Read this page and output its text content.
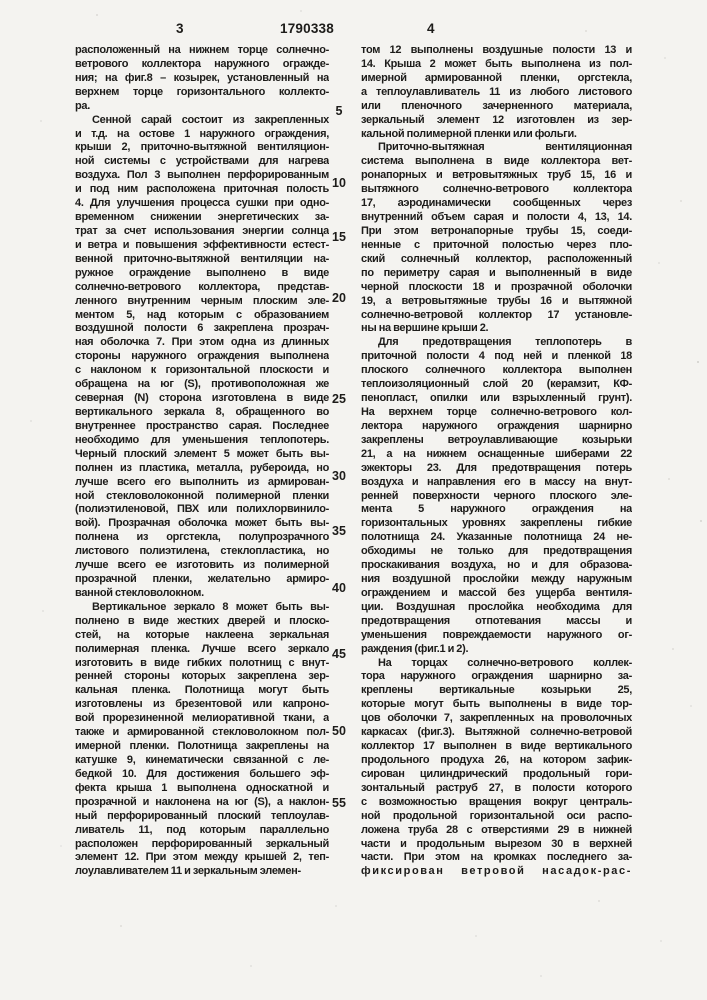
3	1790338	4
расположенный на нижнем торце солнечно-
ветрового коллектора наружного огражде-
ния; на фиг.8 – козырек, установленный на
верхнем торце горизонтального коллекто-
ра.
Сенной сарай состоит из закрепленных
и т.д. на остове 1 наружного ограждения,
крыши 2, приточно-вытяжной вентиляцион-
ной системы с устройствами для нагрева
воздуха. Пол 3 выполнен перфорированным
и под ним расположена приточная полость
4. Для улучшения процесса сушки при одно-
временном снижении энергетических за-
трат за счет использования энергии солнца
и ветра и повышения эффективности естест-
венной приточно-вытяжной вентиляции на-
ружное ограждение выполнено в виде
солнечно-ветрового коллектора, представ-
ленного внутренним черным плоским эле-
ментом 5, над которым с образованием
воздушной полости 6 закреплена прозрач-
ная оболочка 7. При этом одна из длинных
стороны наружного ограждения выполнена
с наклоном к горизонтальной плоскости и
обращена на юг (S), противоположная же
северная (N) сторона изготовлена в виде
вертикального зеркала 8, обращенного во
внутреннее пространство сарая. Последнее
необходимо для уменьшения теплопотерь.
Черный плоский элемент 5 может быть вы-
полнен из пластика, металла, рубероида, но
лучше всего его выполнить из армирован-
ной стекловолоконной полимерной пленки
(полиэтиленовой, ПВХ или полихлорвинило-
вой). Прозрачная оболочка может быть вы-
полнена из оргстекла, полупрозрачного
листового полиэтилена, стеклопластика, но
лучше всего ее изготовить из полимерной
прозрачной пленки, желательно армиро-
ванной стекловолокном.
Вертикальное зеркало 8 может быть вы-
полнено в виде жестких дверей и плоско-
стей, на которые наклеена зеркальная
полимерная пленка. Лучше всего зеркало
изготовить в виде гибких полотнищ с внут-
ренней стороны которых закреплена зер-
кальная пленка. Полотнища могут быть
изготовлены из брезентовой или капроно-
вой прорезиненной мелиоративной ткани, а
также и армированной стекловолокном пол-
имерной пленки. Полотнища закреплены на
катушке 9, кинематически связанной с ле-
бедкой 10. Для достижения большего эф-
фекта крыша 1 выполнена односкатной и
прозрачной и наклонена на юг (S), а наклон-
ный перфорированный плоский теплоулав-
ливатель 11, под которым параллельно
расположен перфорированный зеркальный
элемент 12. При этом между крышей 2, теп-
лоулавливателем 11 и зеркальным элемен-
том 12 выполнены воздушные полости 13 и
14. Крыша 2 может быть выполнена из пол-
имерной армированной пленки, оргстекла,
а теплоулавливатель 11 из любого листового
или пленочного зачерненного материала,
зеркальный элемент 12 изготовлен из зер-
кальной полимерной пленки или фольги.
Приточно-вытяжная вентиляционная
система выполнена в виде коллектора вет-
ронапорных и ветровытяжных труб 15, 16 и
вытяжного солнечно-ветрового коллектора
17, аэродинамически сообщенных через
внутренний объем сарая и полости 4, 13, 14.
При этом ветронапорные трубы 15, соеди-
ненные с приточной полостью через пло-
ский солнечный коллектор, расположенный
по периметру сарая и выполненный в виде
черной плоскости 18 и прозрачной оболочки
19, а ветровытяжные трубы 16 и вытяжной
солнечно-ветровой коллектор 17 установле-
ны на вершине крыши 2.
Для предотвращения теплопотерь в
приточной полости 4 под ней и пленкой 18
плоского солнечного коллектора выполнен
теплоизоляционный слой 20 (керамзит, КФ-
пенопласт, опилки или взрыхленный грунт).
На верхнем торце солнечно-ветрового кол-
лектора наружного ограждения шарнирно
закреплены ветроулавливающие козырьки
21, а на нижнем оснащенные шиберами 22
эжекторы 23. Для предотвращения потерь
воздуха и направления его в массу на внут-
ренней поверхности черного плоского эле-
мента 5 наружного ограждения на
горизонтальных уровнях закреплены гибкие
полотнища 24. Указанные полотнища 24 не-
обходимы не только для предотвращения
проскакивания воздуха, но и для образова-
ния воздушной прослойки между наружным
ограждением и массой без ущерба вентиля-
ции. Воздушная прослойка необходима для
предотвращения отпотевания массы и
уменьшения повреждаемости наружного ог-
раждения (фиг.1 и 2).
На торцах солнечно-ветрового коллек-
тора наружного ограждения шарнирно за-
креплены вертикальные козырьки 25,
которые могут быть выполнены в виде тор-
цов оболочки 7, закрепленных на проволочных
каркасах (фиг.3). Вытяжной солнечно-ветровой
коллектор 17 выполнен в виде вертикального
продольного продуха 26, на котором зафик-
сирован цилиндрический продольный гори-
зонтальный раструб 27, в полости которого
с возможностью вращения вокруг централь-
ной продольной горизонтальной оси распо-
ложена труба 28 с отверстиями 29 в нижней
части и продольным вырезом 30 в верхней
части. При этом на кромках последнего за-
фиксирован ветровой насадок-рас-
5
10
15
20
25
30
35
40
45
50
55
